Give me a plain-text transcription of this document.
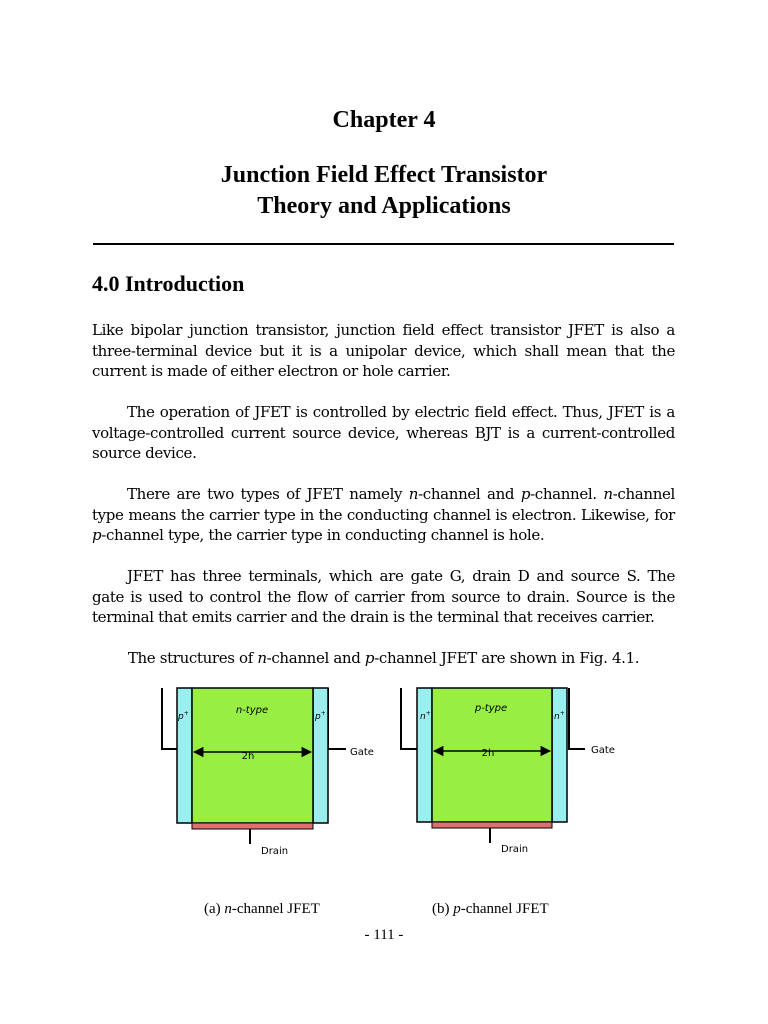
Chapter 4
Junction Field Effect Transistor
Theory and Applications
4.0 Introduction

Like bipolar junction transistor, junction field effect transistor JFET is also a three-terminal device but it is a unipolar device, which shall mean that the current is made of either electron or hole carrier.

The operation of JFET is controlled by electric field effect. Thus, JFET is a voltage-controlled current source device, whereas BJT is a current-controlled source device.

There are two types of JFET namely n-channel and p-channel. n-channel type means the carrier type in the conducting channel is electron. Likewise, for p-channel type, the carrier type in conducting channel is hole.

JFET has three terminals, which are gate G, drain D and source S. The gate is used to control the flow of carrier from source to drain. Source is the terminal that emits carrier and the drain is the terminal that receives carrier.

The structures of n-channel and p-channel JFET are shown in Fig. 4.1.

n-type
p+	p+
2h	Gate
Drain
p-type
n+	n+
2h	Gate
Drain
(a) n-channel JFET	(b) p-channel JFET
- 111 -
